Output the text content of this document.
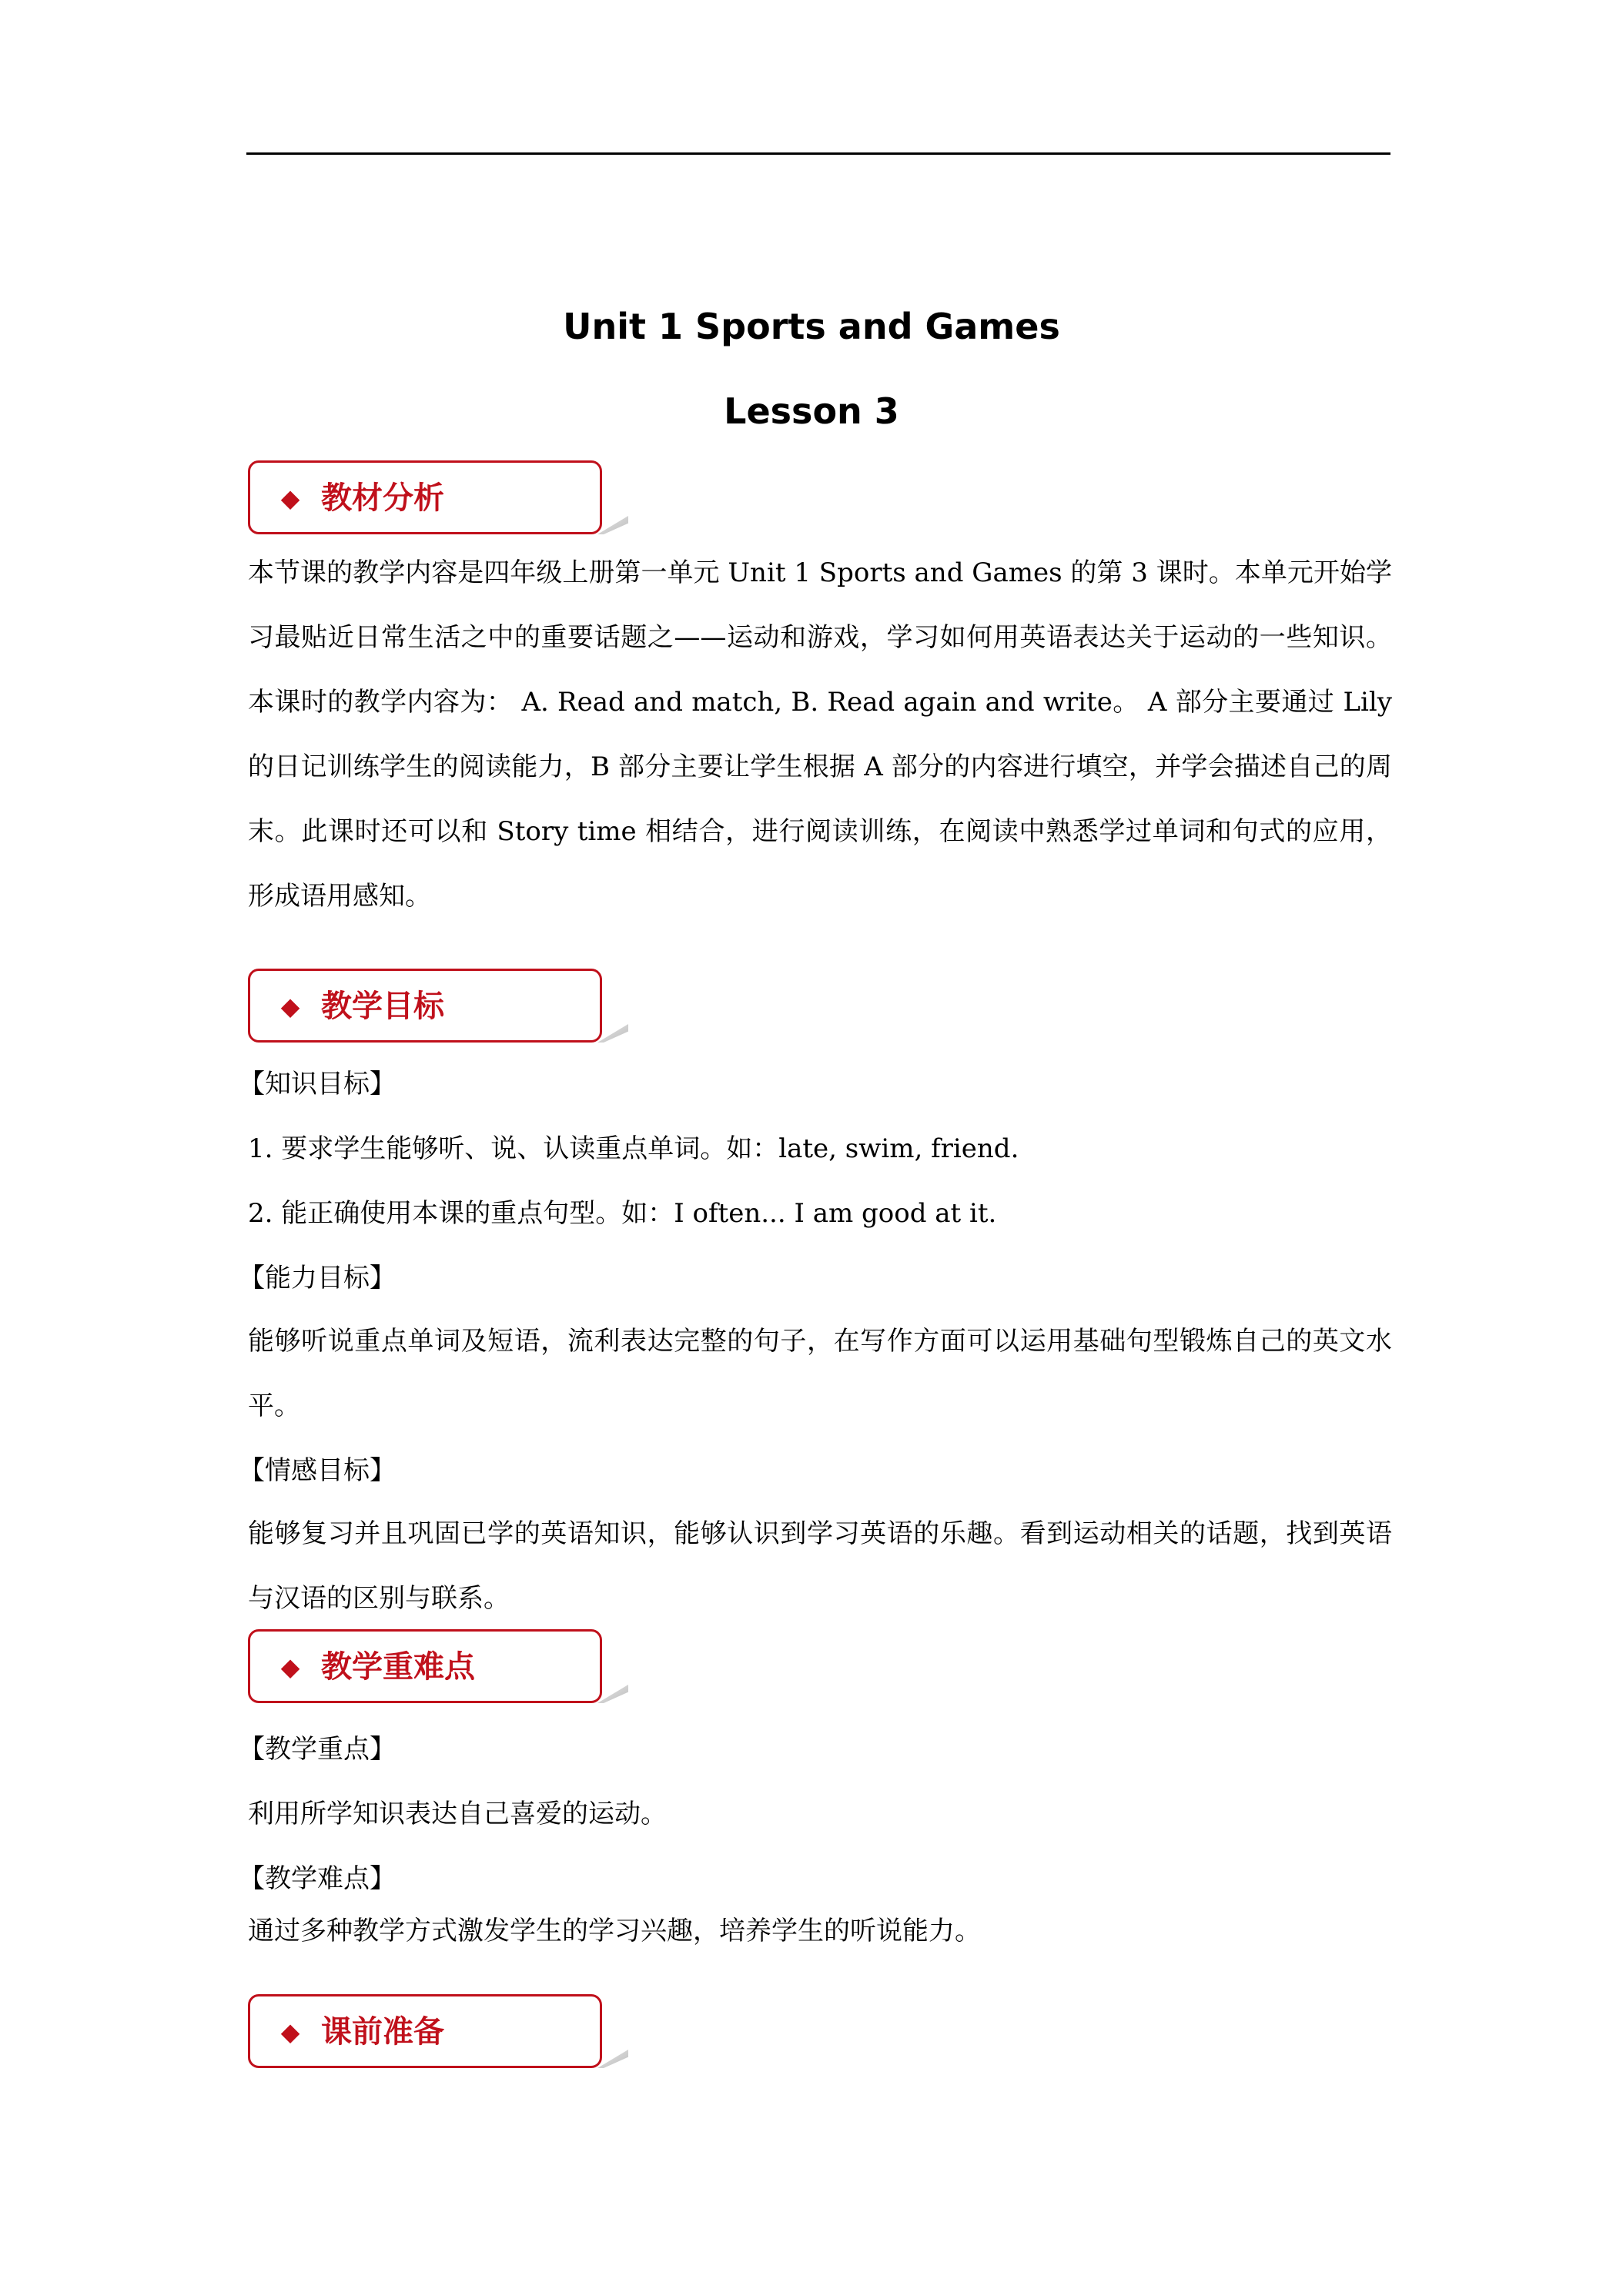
Unit 1 Sports and Games
Lesson 3
◆ 教材分析
本节课的教学内容是四年级上册第一单元 Unit 1 Sports and Games 的第 3 课时。本单元开始学习最贴近日常生活之中的重要话题之——运动和游戏，学习如何用英语表达关于运动的一些知识。本课时的教学内容为： A. Read and match, B. Read again and write。 A 部分主要通过 Lily 的日记训练学生的阅读能力，B 部分主要让学生根据 A 部分的内容进行填空，并学会描述自己的周末。此课时还可以和 Story time 相结合，进行阅读训练，在阅读中熟悉学过单词和句式的应用，形成语用感知。
◆ 教学目标
【知识目标】
1. 要求学生能够听、说、认读重点单词。如：late, swim, friend.
2. 能正确使用本课的重点句型。如：I often... I am good at it.
【能力目标】
能够听说重点单词及短语，流利表达完整的句子，在写作方面可以运用基础句型锻炼自己的英文水平。
【情感目标】
能够复习并且巩固已学的英语知识，能够认识到学习英语的乐趣。看到运动相关的话题，找到英语与汉语的区别与联系。
◆ 教学重难点
【教学重点】
利用所学知识表达自己喜爱的运动。
【教学难点】
通过多种教学方式激发学生的学习兴趣，培养学生的听说能力。
◆ 课前准备
